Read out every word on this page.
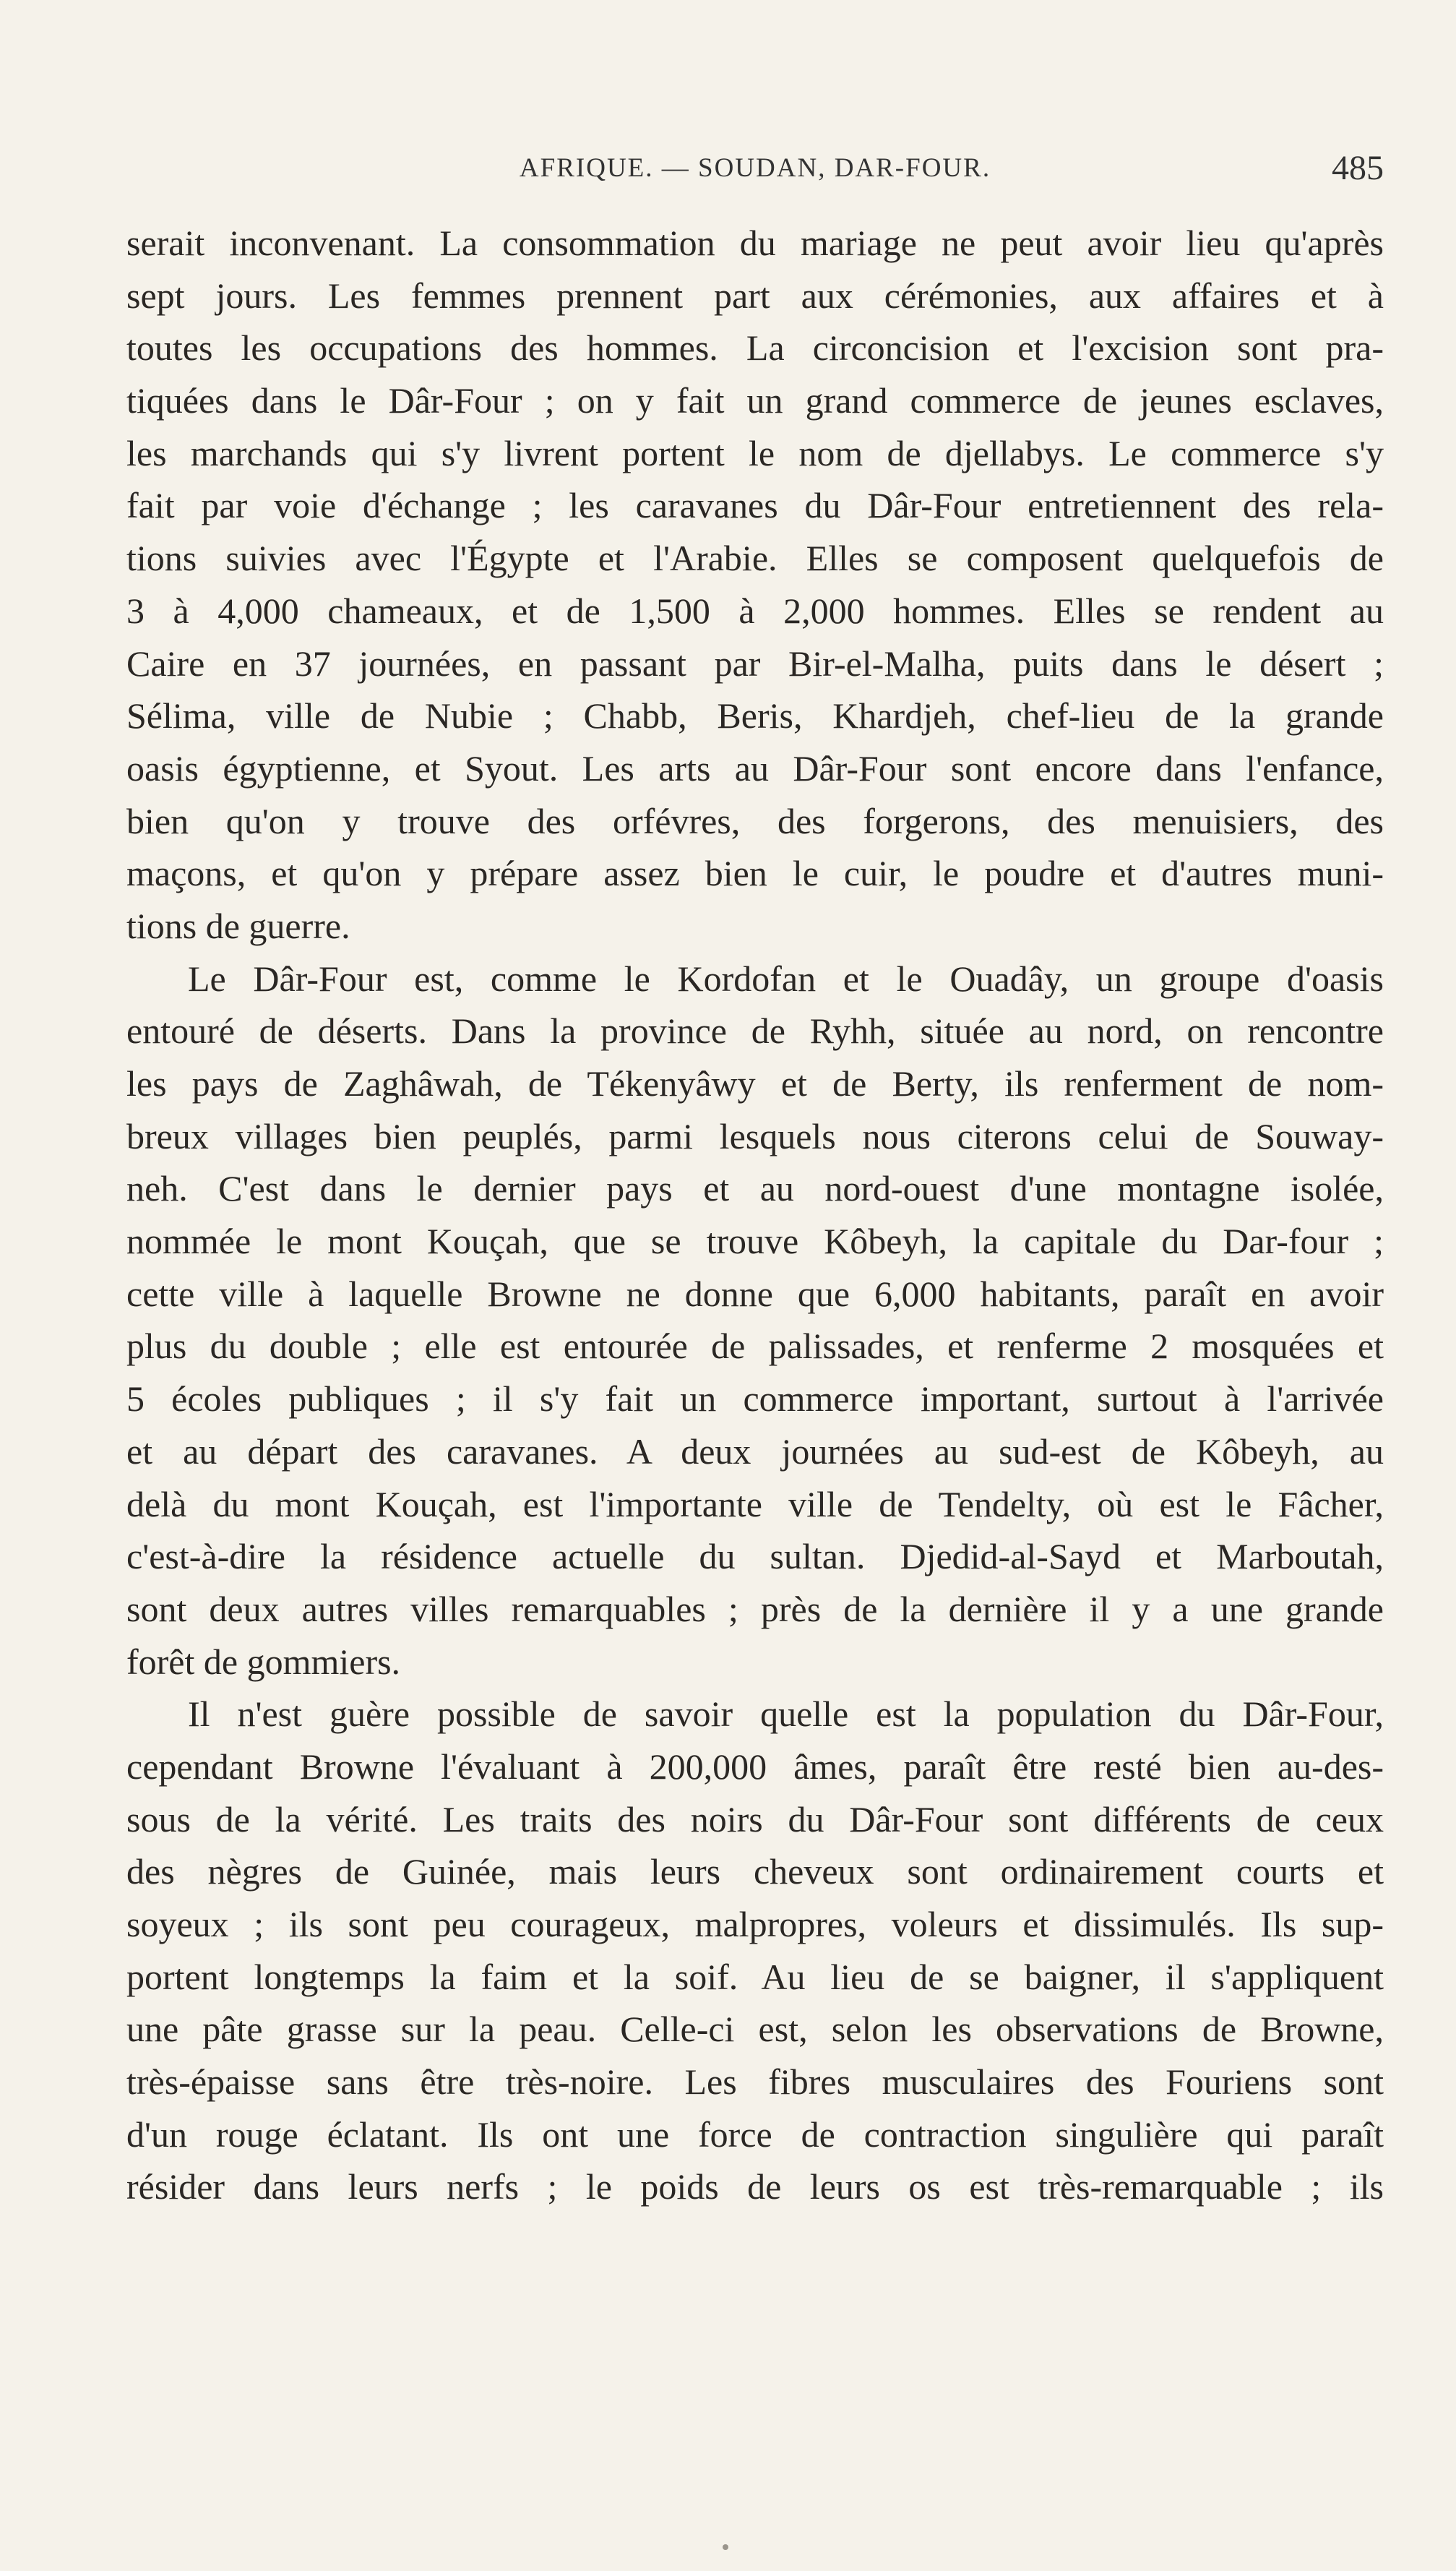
AFRIQUE. — SOUDAN, DAR-FOUR.	485
serait inconvenant. La consommation du mariage ne peut avoir lieu qu'après
sept jours. Les femmes prennent part aux cérémonies, aux affaires et à
toutes les occupations des hommes. La circoncision et l'excision sont pra-
tiquées dans le Dâr-Four ; on y fait un grand commerce de jeunes esclaves,
les marchands qui s'y livrent portent le nom de djellabys. Le commerce s'y
fait par voie d'échange ; les caravanes du Dâr-Four entretiennent des rela-
tions suivies avec l'Égypte et l'Arabie. Elles se composent quelquefois de
3 à 4,000 chameaux, et de 1,500 à 2,000 hommes. Elles se rendent au
Caire en 37 journées, en passant par Bir-el-Malha, puits dans le désert ;
Sélima, ville de Nubie ; Chabb, Beris, Khardjeh, chef-lieu de la grande
oasis égyptienne, et Syout. Les arts au Dâr-Four sont encore dans l'enfance,
bien qu'on y trouve des orfévres, des forgerons, des menuisiers, des
maçons, et qu'on y prépare assez bien le cuir, le poudre et d'autres muni-
tions de guerre.
Le Dâr-Four est, comme le Kordofan et le Ouadây, un groupe d'oasis
entouré de déserts. Dans la province de Ryhh, située au nord, on rencontre
les pays de Zaghâwah, de Tékenyâwy et de Berty, ils renferment de nom-
breux villages bien peuplés, parmi lesquels nous citerons celui de Souway-
neh. C'est dans le dernier pays et au nord-ouest d'une montagne isolée,
nommée le mont Kouçah, que se trouve Kôbeyh, la capitale du Dar-four ;
cette ville à laquelle Browne ne donne que 6,000 habitants, paraît en avoir
plus du double ; elle est entourée de palissades, et renferme 2 mosquées et
5 écoles publiques ; il s'y fait un commerce important, surtout à l'arrivée
et au départ des caravanes. A deux journées au sud-est de Kôbeyh, au
delà du mont Kouçah, est l'importante ville de Tendelty, où est le Fâcher,
c'est-à-dire la résidence actuelle du sultan. Djedid-al-Sayd et Marboutah,
sont deux autres villes remarquables ; près de la dernière il y a une grande
forêt de gommiers.
Il n'est guère possible de savoir quelle est la population du Dâr-Four,
cependant Browne l'évaluant à 200,000 âmes, paraît être resté bien au-des-
sous de la vérité. Les traits des noirs du Dâr-Four sont différents de ceux
des nègres de Guinée, mais leurs cheveux sont ordinairement courts et
soyeux ; ils sont peu courageux, malpropres, voleurs et dissimulés. Ils sup-
portent longtemps la faim et la soif. Au lieu de se baigner, il s'appliquent
une pâte grasse sur la peau. Celle-ci est, selon les observations de Browne,
très-épaisse sans être très-noire. Les fibres musculaires des Fouriens sont
d'un rouge éclatant. Ils ont une force de contraction singulière qui paraît
résider dans leurs nerfs ; le poids de leurs os est très-remarquable ; ils
